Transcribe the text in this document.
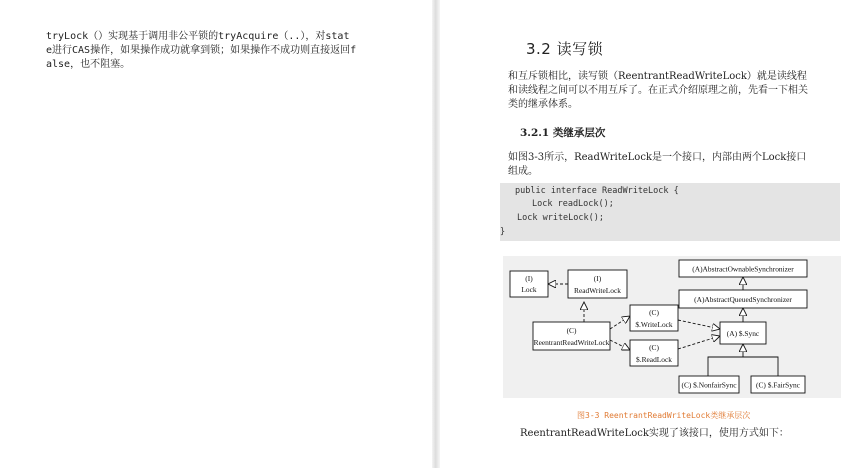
tryLock（）实现基于调用非公平锁的tryAcquire（..），对stat
e进行CAS操作，如果操作成功就拿到锁；如果操作不成功则直接返回f
alse，也不阻塞。
3.2 读写锁
和互斥锁相比，读写锁（ReentrantReadWriteLock）就是读线程
和读线程之间可以不用互斥了。在正式介绍原理之前，先看一下相关
类的继承体系。
3.2.1 类继承层次
如图3-3所示，ReadWriteLock是一个接口，内部由两个Lock接口
组成。
public interface ReadWriteLock {
Lock readLock();
Lock writeLock();
}
(I)
Lock
(I)
ReadWriteLock
(C)
ReentrantReadWriteLock
(C)
$.WriteLock
(C)
$.ReadLock
(A) $.Sync
(A)AbstractOwnableSynchronizer
(A)AbstractQueuedSynchronizer
(C) $.NonfairSync	(C) $.FairSync
图3-3 ReentrantReadWriteLock类继承层次
ReentrantReadWriteLock实现了该接口，使用方式如下：
